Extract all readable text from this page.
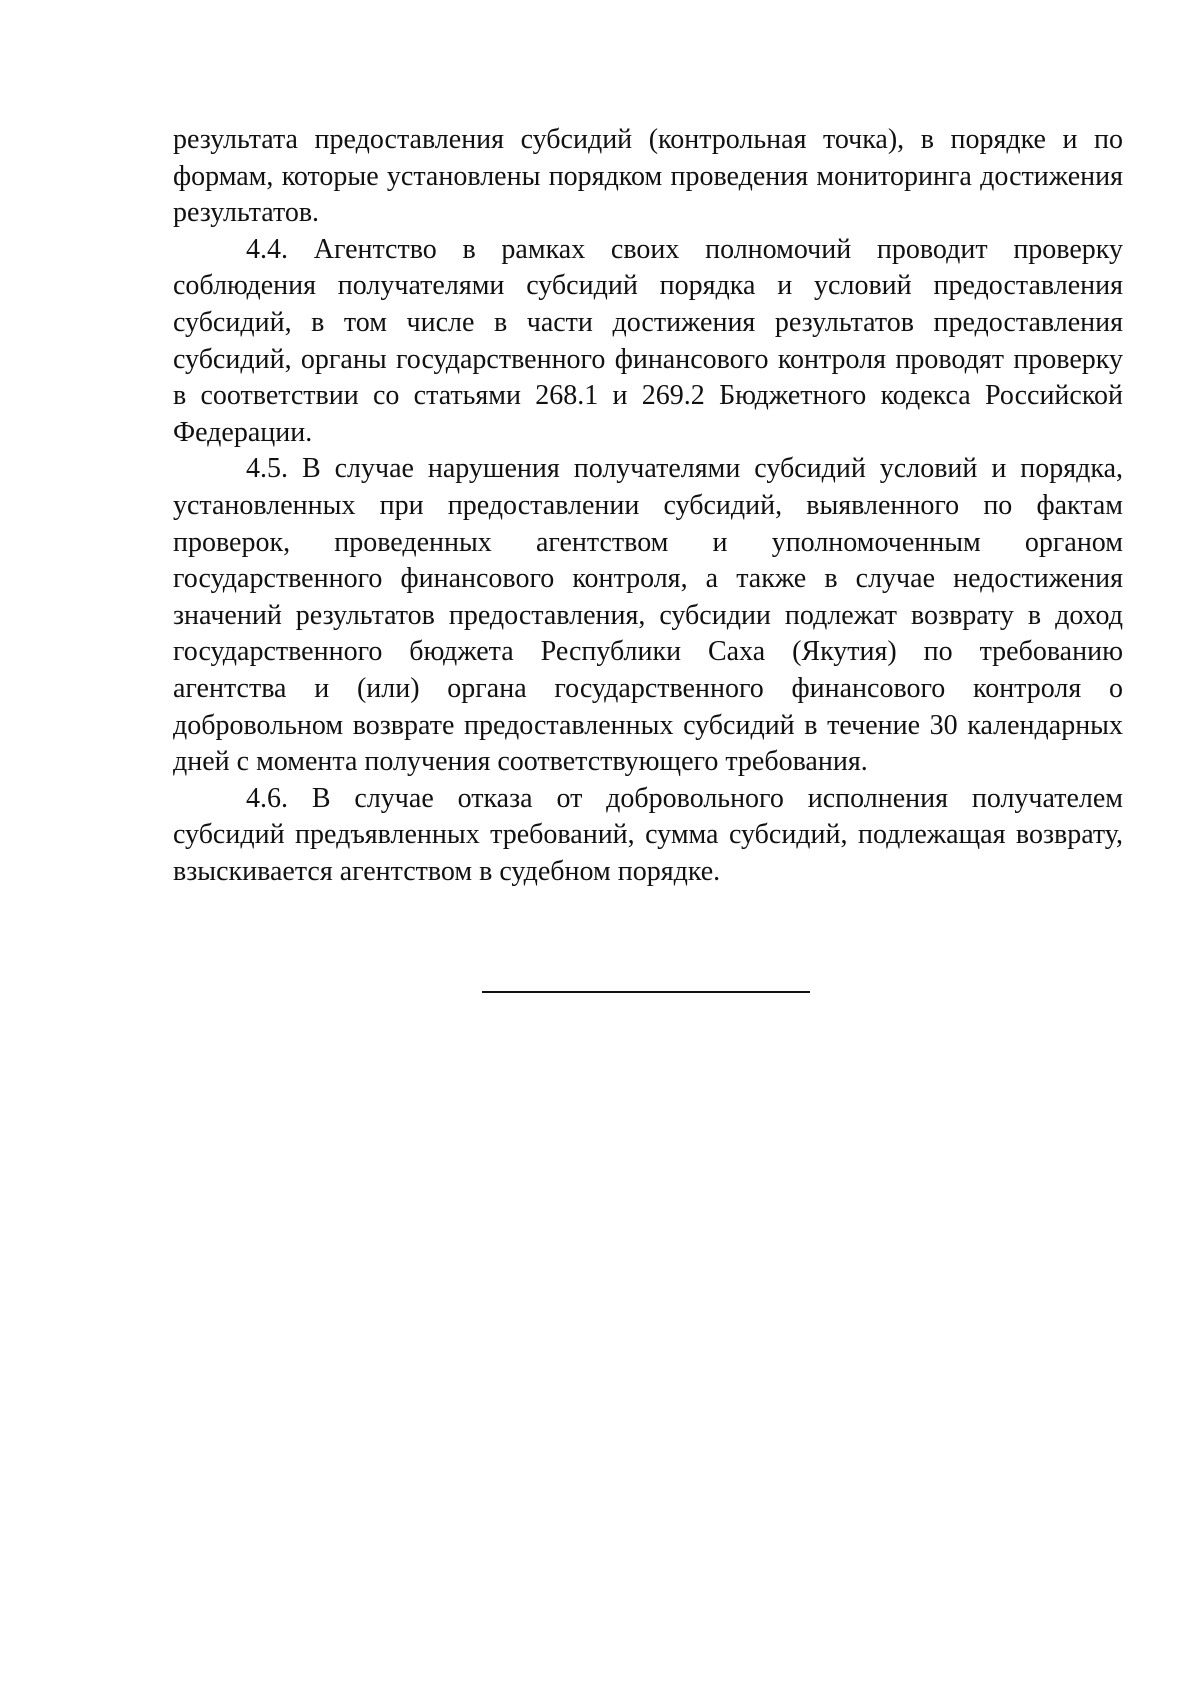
результата предоставления субсидий (контрольная точка), в порядке и по формам, которые установлены порядком проведения мониторинга достижения результатов.

4.4. Агентство в рамках своих полномочий проводит проверку соблюдения получателями субсидий порядка и условий предоставления субсидий, в том числе в части достижения результатов предоставления субсидий, органы государственного финансового контроля проводят проверку в соответствии со статьями 268.1 и 269.2 Бюджетного кодекса Российской Федерации.

4.5. В случае нарушения получателями субсидий условий и порядка, установленных при предоставлении субсидий, выявленного по фактам проверок, проведенных агентством и уполномоченным органом государственного финансового контроля, а также в случае недостижения значений результатов предоставления, субсидии подлежат возврату в доход государственного бюджета Республики Саха (Якутия) по требованию агентства и (или) органа государственного финансового контроля о добровольном возврате предоставленных субсидий в течение 30 календарных дней с момента получения соответствующего требования.

4.6. В случае отказа от добровольного исполнения получателем субсидий предъявленных требований, сумма субсидий, подлежащая возврату, взыскивается агентством в судебном порядке.
